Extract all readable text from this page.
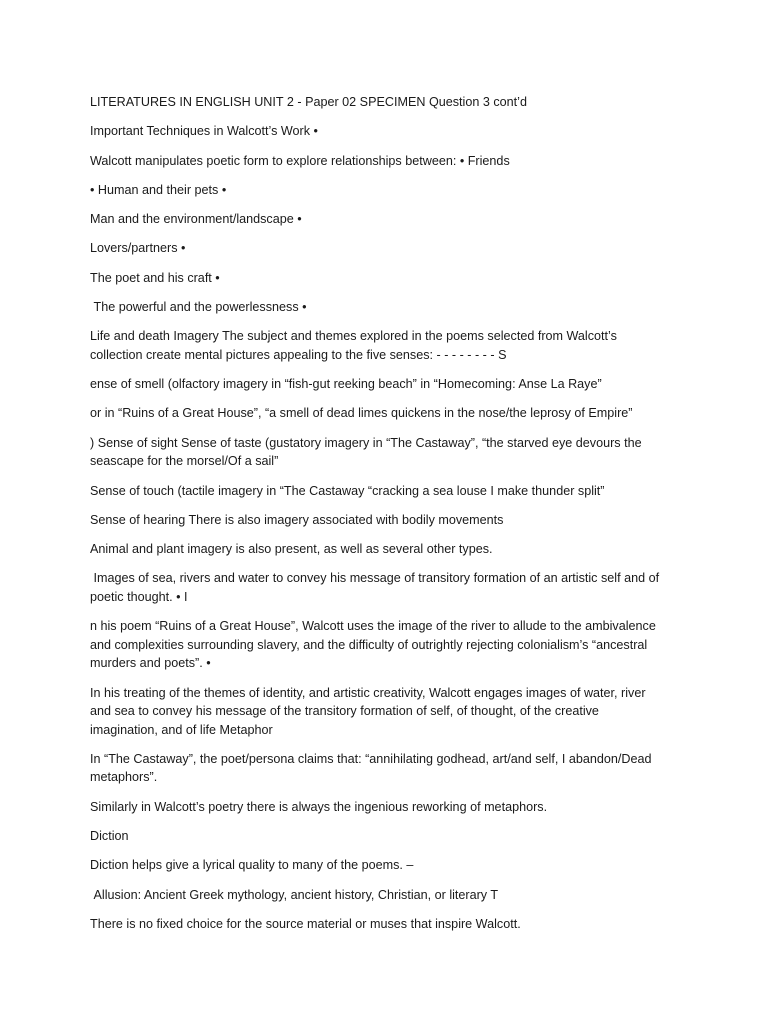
LITERATURES IN ENGLISH UNIT 2 - Paper 02 SPECIMEN Question 3 cont’d

Important Techniques in Walcott’s Work •

Walcott manipulates poetic form to explore relationships between: • Friends

• Human and their pets •

Man and the environment/landscape •

Lovers/partners •

The poet and his craft •

The powerful and the powerlessness •

Life and death Imagery The subject and themes explored in the poems selected from Walcott’s collection create mental pictures appealing to the five senses: - - - - - - - - S

ense of smell (olfactory imagery in “fish-gut reeking beach” in “Homecoming: Anse La Raye”

or in “Ruins of a Great House”, “a smell of dead limes quickens in the nose/the leprosy of Empire”

) Sense of sight Sense of taste (gustatory imagery in “The Castaway”, “the starved eye devours the seascape for the morsel/Of a sail”

Sense of touch (tactile imagery in “The Castaway “cracking a sea louse I make thunder split”

Sense of hearing There is also imagery associated with bodily movements

Animal and plant imagery is also present, as well as several other types.

Images of sea, rivers and water to convey his message of transitory formation of an artistic self and of poetic thought. • I

n his poem “Ruins of a Great House”, Walcott uses the image of the river to allude to the ambivalence and complexities surrounding slavery, and the difficulty of outrightly rejecting colonialism’s “ancestral murders and poets”. •

In his treating of the themes of identity, and artistic creativity, Walcott engages images of water, river and sea to convey his message of the transitory formation of self, of thought, of the creative imagination, and of life Metaphor

In “The Castaway”, the poet/persona claims that: “annihilating godhead, art/and self, I abandon/Dead metaphors”.

Similarly in Walcott’s poetry there is always the ingenious reworking of metaphors.

Diction

Diction helps give a lyrical quality to many of the poems. –

Allusion: Ancient Greek mythology, ancient history, Christian, or literary T

There is no fixed choice for the source material or muses that inspire Walcott.
